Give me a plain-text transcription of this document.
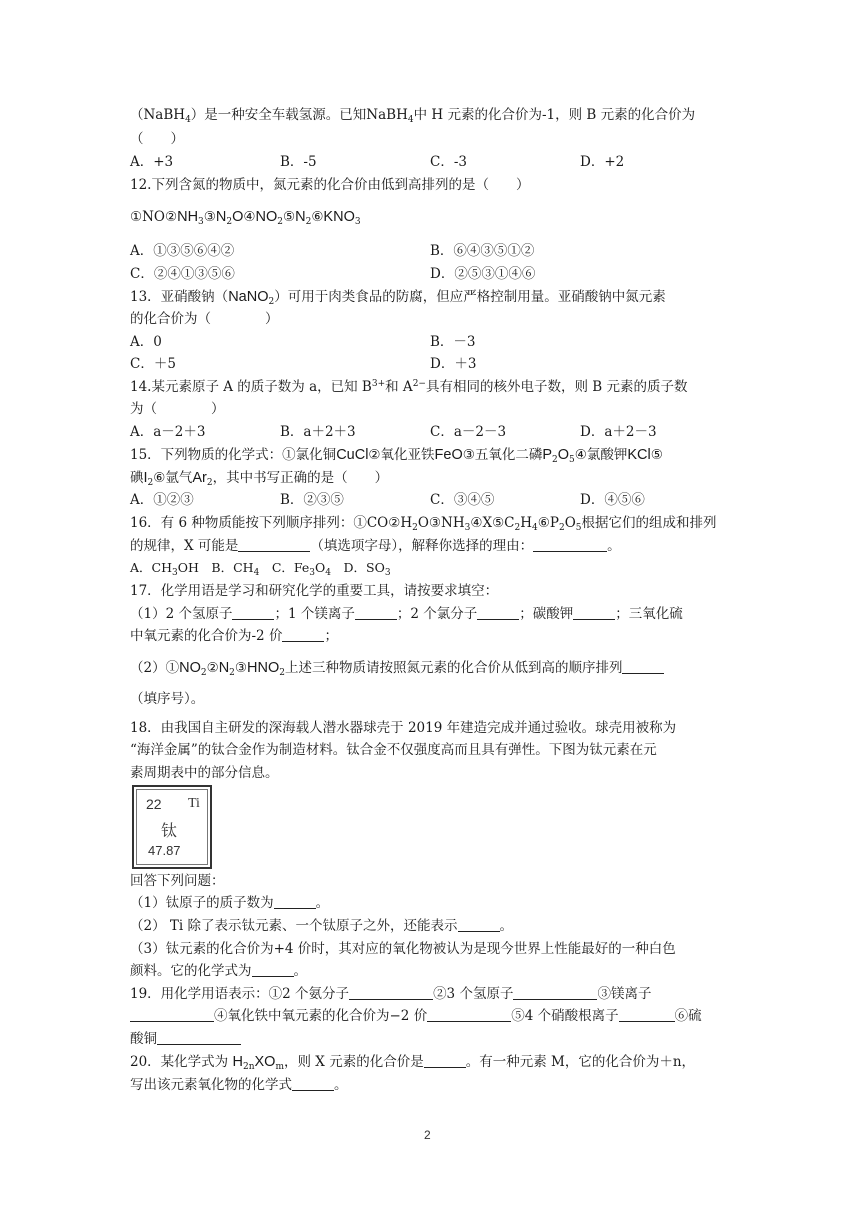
（NaBH$_4$）是一种安全车载氢源。已知NaBH$_4$中 H 元素的化合价为-1，则 B 元素的化合价为
（　　）
A．+3	B．-5	C．-3	D．+2
12.下列含氮的物质中，氮元素的化合价由低到高排列的是（　　）
$①NO②NH_3③N_2O④NO_2⑤N_2⑥KNO_3$
A．①③⑤⑥④②	B．⑥④③⑤①②
C．②④①③⑤⑥	D．②⑤③①④⑥
13．亚硝酸钠（NaNO$_2$）可用于肉类食品的防腐，但应严格控制用量。亚硝酸钠中氮元素
的化合价为（　　　　）
A．0	B．－3
C．＋5	D．＋3
14.某元素原子 A 的质子数为 a，已知 $B^{3+}$和 $A^{2-}$具有相同的核外电子数，则 B 元素的质子数
为（　　　　）
A．a－2＋3	B．a＋2＋3	C．a－2－3	D．a＋2－3
15．下列物质的化学式：①氯化铜CuCl②氧化亚铁FeO③五氧化二磷$P_2O_5④$氯酸钾KCl⑤
碘$I_2⑥$氩气$Ar_2$，其中书写正确的是（　　）
A．①②③	B．②③⑤	C．③④⑤	D．④⑤⑥
16．有 6 种物质能按下列顺序排列：$①CO②H_2O③NH_3④X⑤C_2H_4⑥P_2O_5$根据它们的组成和排列
的规律，X 可能是	（填选项字母），解释你选择的理由：	。
A．$CH_3OH$　 B．$CH_4$　 C．$Fe_3O_4$　 D．$SO_3$
17．化学用语是学习和研究化学的重要工具，请按要求填空：
（1）2 个氢原子	；1 个镁离子	；2 个氯分子	；碳酸钾	；三氧化硫
中氧元素的化合价为-2 价	；
$(2)①NO_2②N_2③HNO_2$上述三种物质请按照氮元素的化合价从低到高的顺序排列
（填序号）。
18．由我国自主研发的深海载人潜水器球壳于 2019 年建造完成并通过验收。球壳用被称为
“海洋金属”的钛合金作为制造材料。钛合金不仅强度高而且具有弹性。下图为钛元素在元
素周期表中的部分信息。
22 Ti
钛
47.87
回答下列问题：
（1）钛原子的质子数为	。
（2） Ti 除了表示钛元素、一个钛原子之外，还能表示	。
（3）钛元素的化合价为+4 价时，其对应的氧化物被认为是现今世界上性能最好的一种白色
颜料。它的化学式为	。
19．用化学用语表示：①2 个氨分子	②3 个氢原子	③镁离子
④氧化铁中氧元素的化合价为−2 价	⑤4 个硝酸根离子	⑥硫
酸铜
20．某化学式为 $H_{2n}XO_m$，则 X 元素的化合价是	。有一种元素 M，它的化合价为＋n，
写出该元素氧化物的化学式	。
2
